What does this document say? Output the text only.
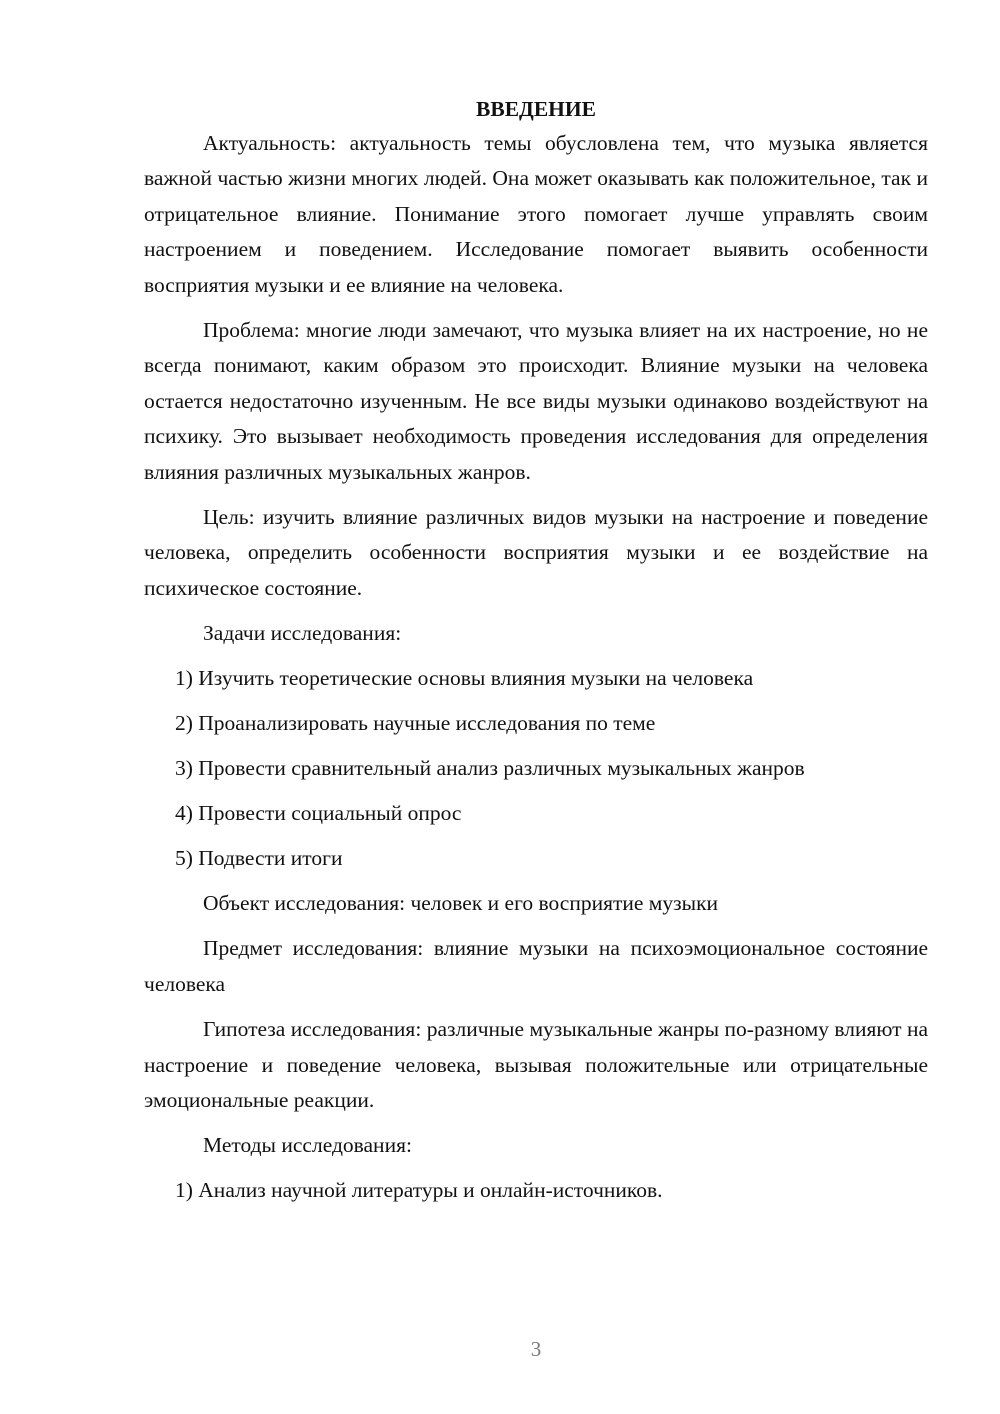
ВВЕДЕНИЕ

Актуальность: актуальность темы обусловлена тем, что музыка является важной частью жизни многих людей. Она может оказывать как положительное, так и отрицательное влияние. Понимание этого помогает лучше управлять своим настроением и поведением. Исследование помогает выявить особенности восприятия музыки и ее влияние на человека.

Проблема: многие люди замечают, что музыка влияет на их настроение, но не всегда понимают, каким образом это происходит. Влияние музыки на человека остается недостаточно изученным. Не все виды музыки одинаково воздействуют на психику. Это вызывает необходимость проведения исследования для определения влияния различных музыкальных жанров.

Цель: изучить влияние различных видов музыки на настроение и поведение человека, определить особенности восприятия музыки и ее воздействие на психическое состояние.

Задачи исследования:

1) Изучить теоретические основы влияния музыки на человека

2) Проанализировать научные исследования по теме

3) Провести сравнительный анализ различных музыкальных жанров

4) Провести социальный опрос

5) Подвести итоги

Объект исследования: человек и его восприятие музыки

Предмет исследования: влияние музыки на психоэмоциональное состояние человека

Гипотеза исследования: различные музыкальные жанры по-разному влияют на настроение и поведение человека, вызывая положительные или отрицательные эмоциональные реакции.

Методы исследования:

1) Анализ научной литературы и онлайн-источников.

3
